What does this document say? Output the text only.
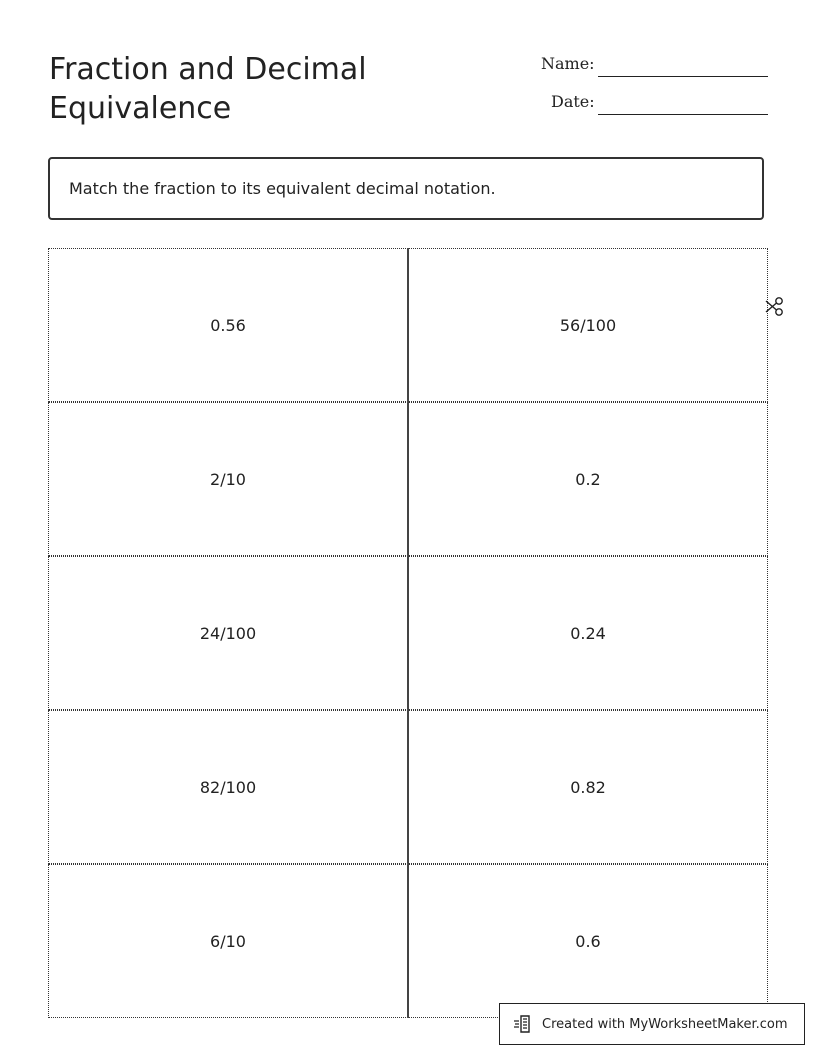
Fraction and Decimal
Equivalence
Name:
Date:
Match the fraction to its equivalent decimal notation.
0.56	56/100
2/10	0.2
24/100	0.24
82/100	0.82
6/10	0.6
Created with MyWorksheetMaker.com
